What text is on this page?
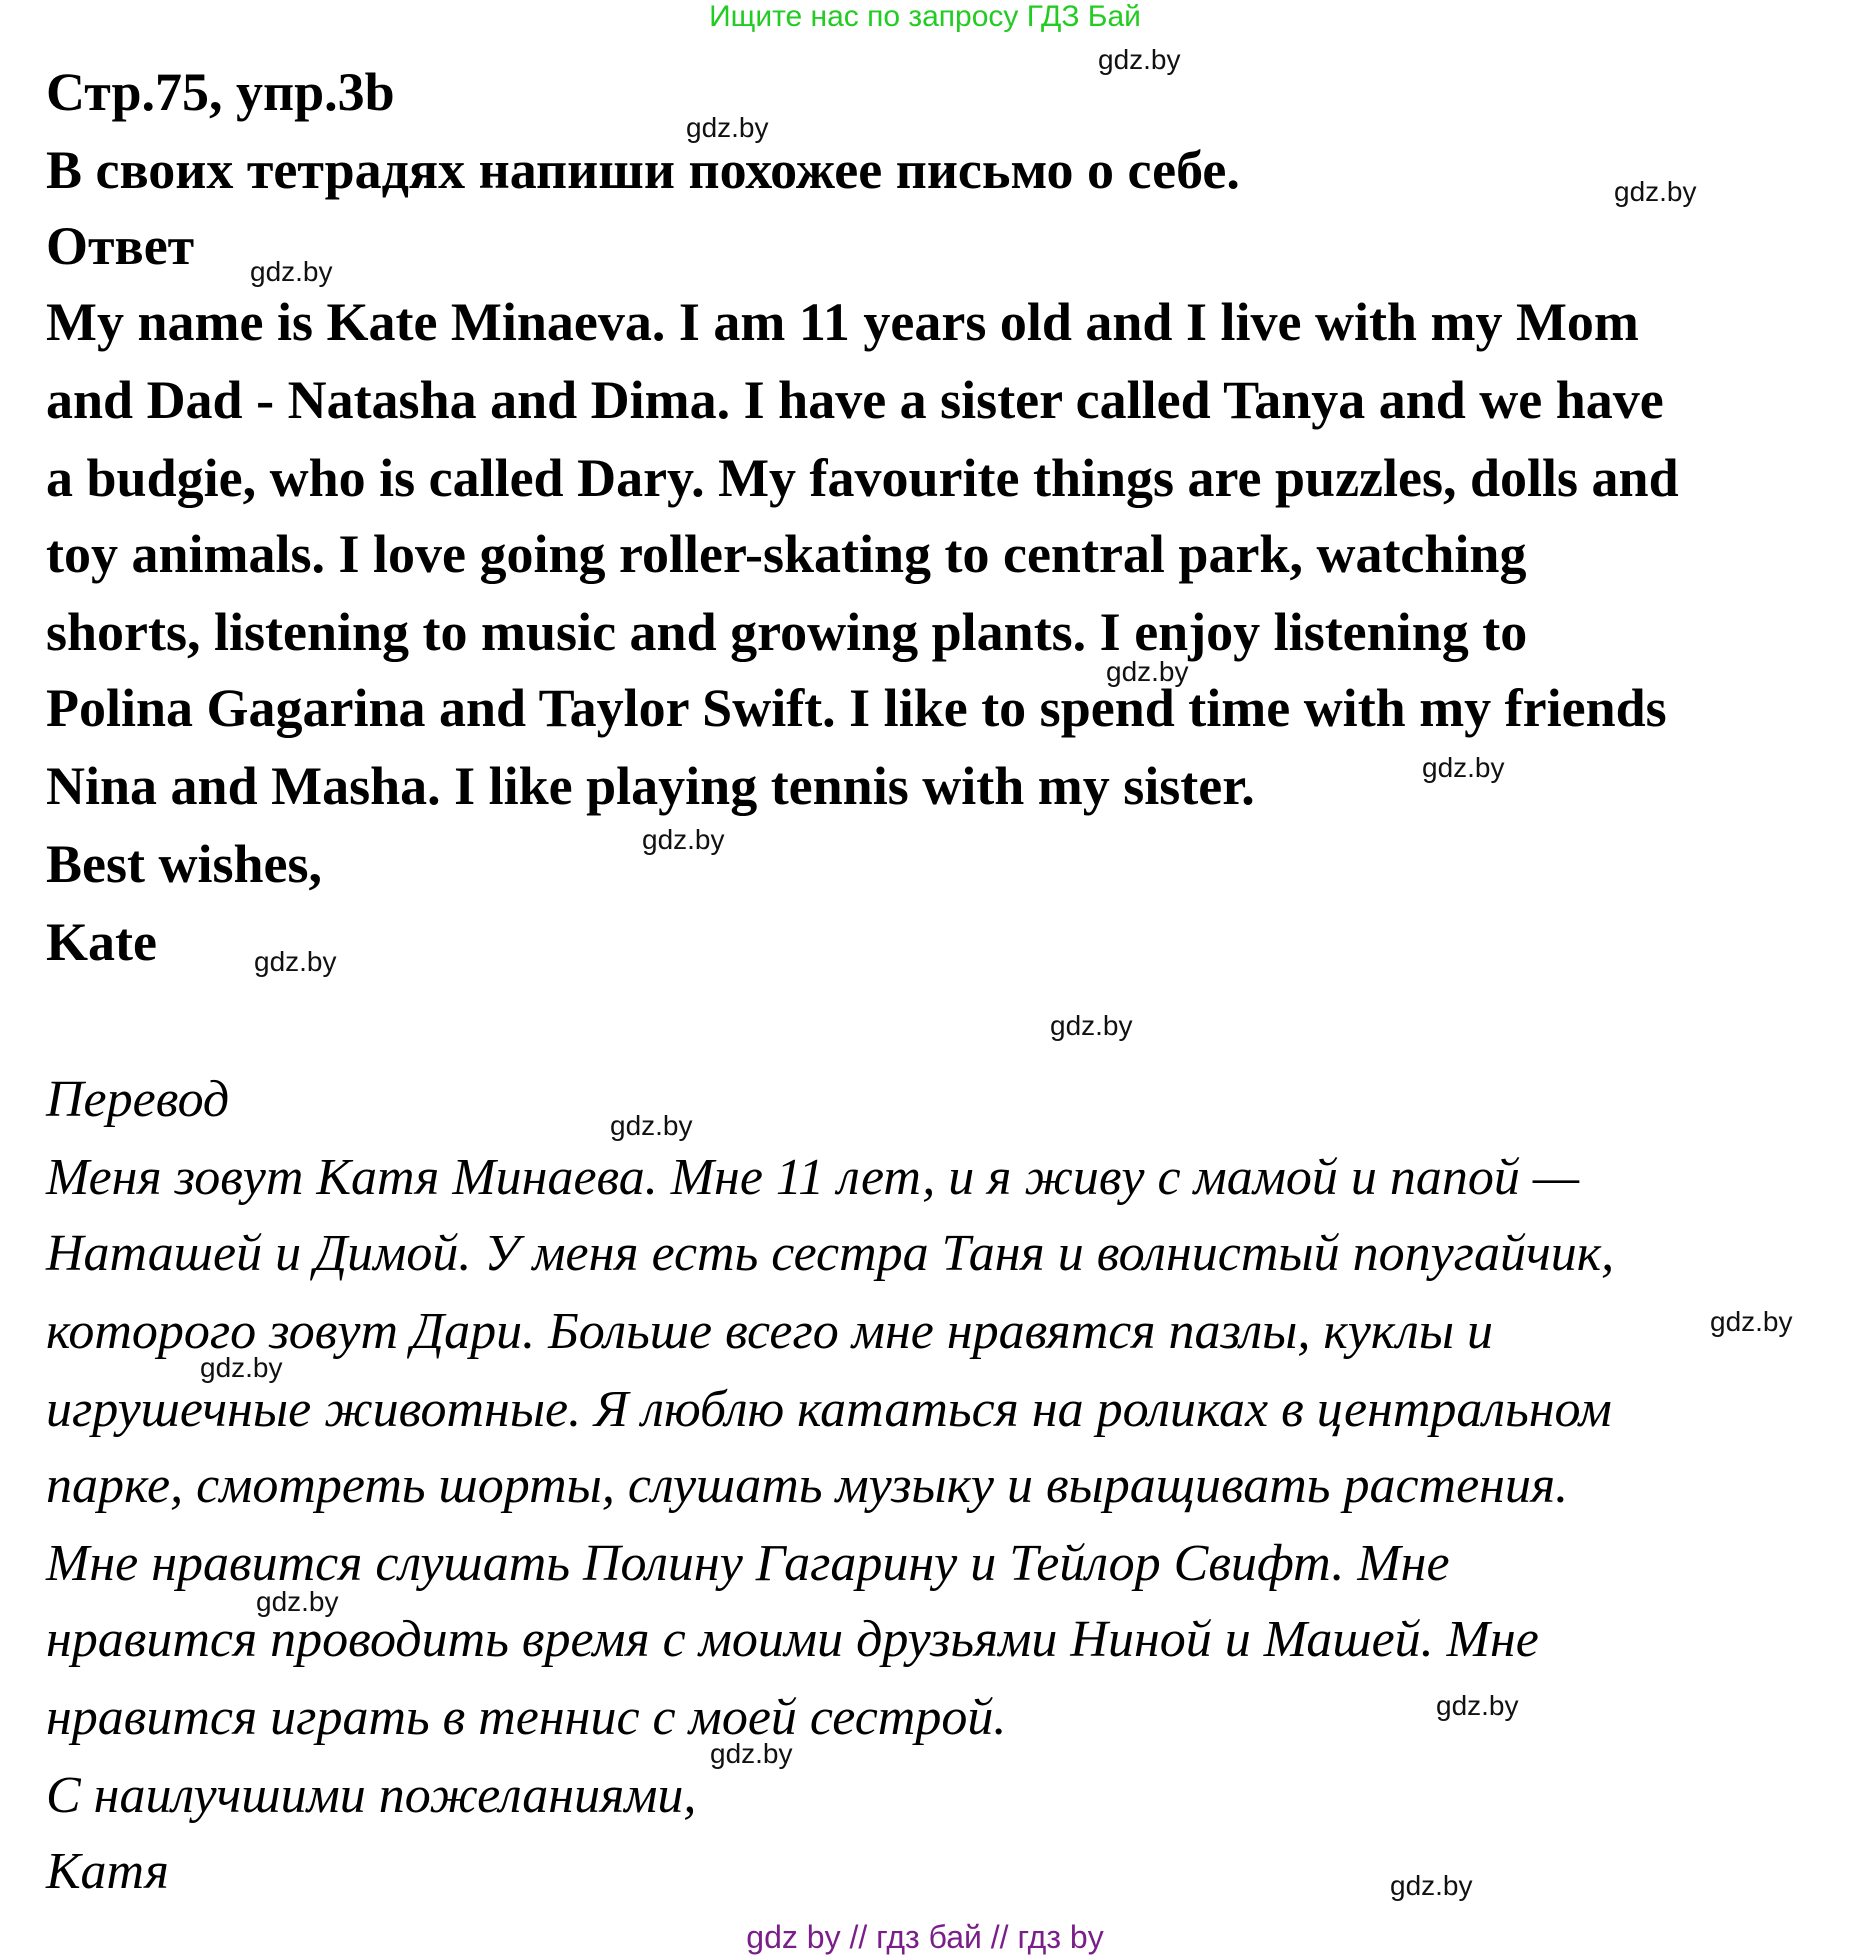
Ищите нас по запросу ГДЗ Бай
Стр.75, упр.3b
В своих тетрадях напиши похожее письмо о себе.
Ответ
My name is Kate Minaeva. I am 11 years old and I live with my Mom
and Dad - Natasha and Dima. I have a sister called Tanya and we have
a budgie, who is called Dary. My favourite things are puzzles, dolls and
toy animals. I love going roller-skating to central park, watching
shorts, listening to music and growing plants. I enjoy listening to
Polina Gagarina and Taylor Swift. I like to spend time with my friends
Nina and Masha. I like playing tennis with my sister.
Best wishes,
Kate
Перевод
Меня зовут Катя Минаева. Мне 11 лет, и я живу с мамой и папой —
Наташей и Димой. У меня есть сестра Таня и волнистый попугайчик,
которого зовут Дари. Больше всего мне нравятся пазлы, куклы и
игрушечные животные. Я люблю кататься на роликах в центральном
парке, смотреть шорты, слушать музыку и выращивать растения.
Мне нравится слушать Полину Гагарину и Тейлор Свифт. Мне
нравится проводить время с моими друзьями Ниной и Машей. Мне
нравится играть в теннис с моей сестрой.
С наилучшими пожеланиями,
Катя
gdz.by
gdz.by
gdz.by
gdz.by
gdz.by
gdz.by
gdz.by
gdz.by
gdz.by
gdz.by
gdz.by
gdz.by
gdz.by
gdz.by
gdz.by
gdz.by
gdz by // гдз бай // гдз by
